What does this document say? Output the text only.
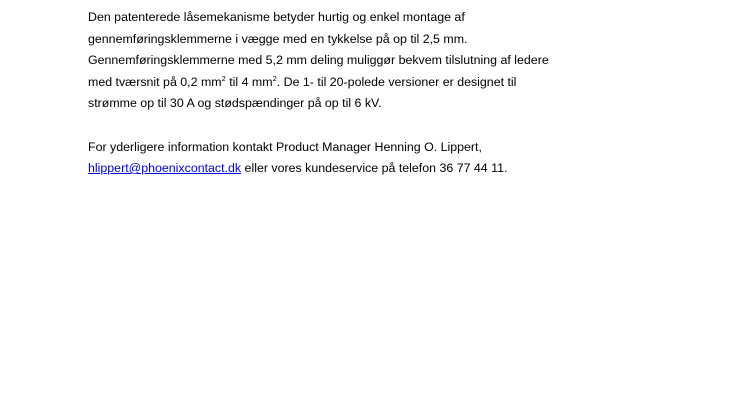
Den patenterede låsemekanisme betyder hurtig og enkel montage af
gennemføringsklemmerne i vægge med en tykkelse på op til 2,5 mm.
Gennemføringsklemmerne med 5,2 mm deling muliggør bekvem tilslutning af ledere
med tværsnit på 0,2 $mm^2$ til 4 $mm^2$. De 1- til 20-polede versioner er designet til
strømme op til 30 A og stødspændinger på op til 6 kV.
For yderligere information kontakt Product Manager Henning O. Lippert,
hlippert@phoenixcontact.dk eller vores kundeservice på telefon 36 77 44 11.
